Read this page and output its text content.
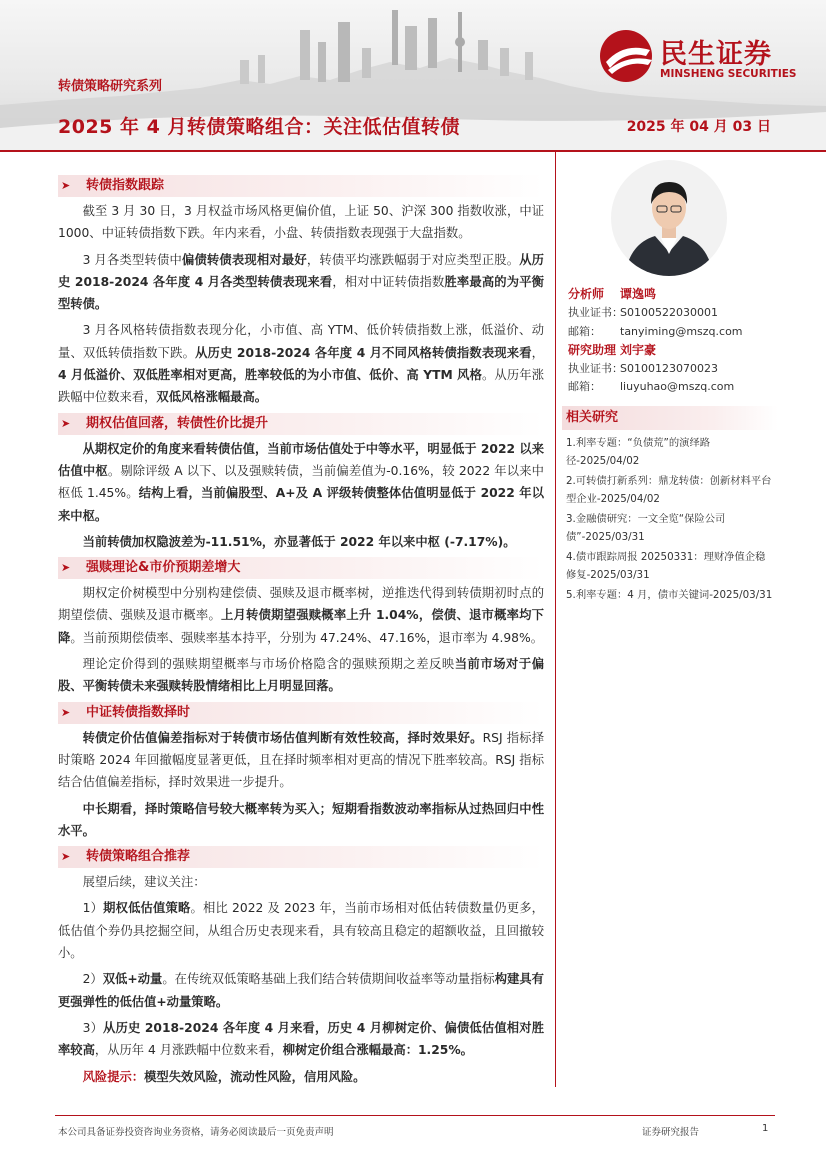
转债策略研究系列
2025 年 4 月转债策略组合：关注低估值转债	2025 年 04 月 03 日
民生证券
MINSHENG SECURITIES
➤ 转债指数跟踪
截至 3 月 30 日，3 月权益市场风格更偏价值，上证 50、沪深 300 指数收涨，中证 1000、中证转债指数下跌。年内来看，小盘、转债指数表现强于大盘指数。
3 月各类型转债中偏债转债表现相对最好，转债平均涨跌幅弱于对应类型正股。从历史 2018-2024 各年度 4 月各类型转债表现来看，相对中证转债指数胜率最高的为平衡型转债。
3 月各风格转债指数表现分化，小市值、高 YTM、低价转债指数上涨，低溢价、动量、双低转债指数下跌。从历史 2018-2024 各年度 4 月不同风格转债指数表现来看，4 月低溢价、双低胜率相对更高，胜率较低的为小市值、低价、高 YTM 风格。从历年涨跌幅中位数来看，双低风格涨幅最高。
➤ 期权估值回落，转债性价比提升
从期权定价的角度来看转债估值，当前市场估值处于中等水平，明显低于 2022 以来估值中枢。剔除评级 A 以下、以及强赎转债，当前偏差值为-0.16%，较 2022 年以来中枢低 1.45%。结构上看，当前偏股型、A+及 A 评级转债整体估值明显低于 2022 年以来中枢。
当前转债加权隐波差为-11.51%，亦显著低于 2022 年以来中枢 (-7.17%)。
➤ 强赎理论&市价预期差增大
期权定价树模型中分别构建偿债、强赎及退市概率树，逆推迭代得到转债期初时点的期望偿债、强赎及退市概率。上月转债期望强赎概率上升 1.04%，偿债、退市概率均下降。当前预期偿债率、强赎率基本持平，分别为 47.24%、47.16%，退市率为 4.98%。
理论定价得到的强赎期望概率与市场价格隐含的强赎预期之差反映当前市场对于偏股、平衡转债未来强赎转股情绪相比上月明显回落。
➤ 中证转债指数择时
转债定价估值偏差指标对于转债市场估值判断有效性较高，择时效果好。RSJ 指标择时策略 2024 年回撤幅度显著更低，且在择时频率相对更高的情况下胜率较高。RSJ 指标结合估值偏差指标，择时效果进一步提升。
中长期看，择时策略信号较大概率转为买入；短期看指数波动率指标从过热回归中性水平。
➤ 转债策略组合推荐
展望后续，建议关注：
1）期权低估值策略。相比 2022 及 2023 年，当前市场相对低估转债数量仍更多，低估值个券仍具挖掘空间，从组合历史表现来看，具有较高且稳定的超额收益，且回撤较小。
2）双低+动量。在传统双低策略基础上我们结合转债期间收益率等动量指标构建具有更强弹性的低估值+动量策略。
3）从历史 2018-2024 各年度 4 月来看，历史 4 月柳树定价、偏债低估值相对胜率较高，从历年 4 月涨跌幅中位数来看，柳树定价组合涨幅最高：1.25%。
风险提示：模型失效风险，流动性风险，信用风险。
分析师 谭逸鸣
执业证书：S0100522030001
邮箱： tanyiming@mszq.com
研究助理 刘宇豪
执业证书：S0100123070023
邮箱： liuyuhao@mszq.com
相关研究
1.利率专题：“负债荒”的演绎路径-2025/04/02
2.可转债打新系列：鼎龙转债：创新材料平台型企业-2025/04/02
3.金融债研究：一文全览“保险公司债”-2025/03/31
4.债市跟踪周报 20250331：理财净值企稳修复-2025/03/31
5.利率专题：4 月，债市关键词-2025/03/31
本公司具备证券投资咨询业务资格，请务必阅读最后一页免责声明	证券研究报告	1
